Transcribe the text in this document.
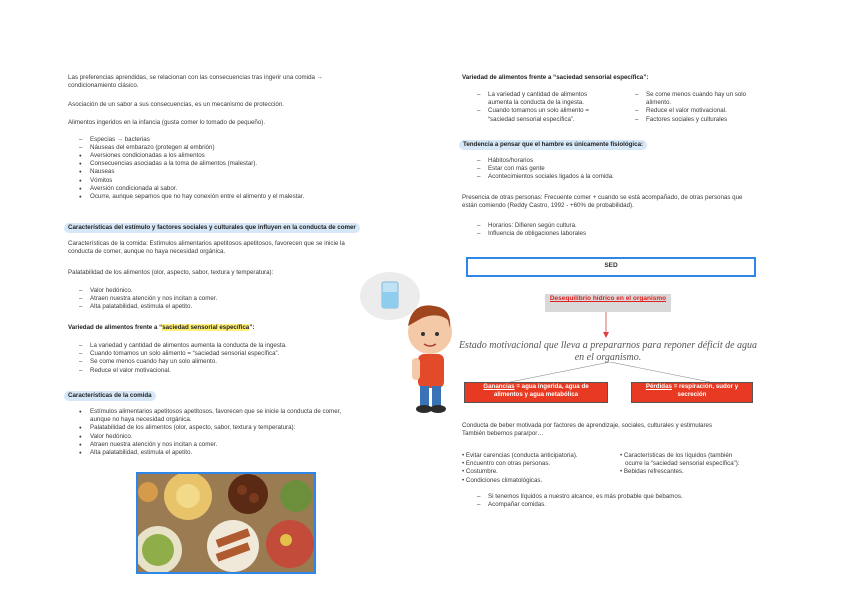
Las preferencias aprendidas, se relacionan con las consecuencias tras ingerir una comida →
condicionamiento clásico.
Asociación de un sabor a sus consecuencias, es un mecanismo de protección.
Alimentos ingeridos en la infancia (gusta comer lo tomado de pequeño).
– Especias → bacterias
– Náuseas del embarazo (protegen al embrión)
● Aversiones condicionadas a los alimentos
● Consecuencias asociadas a la toma de alimentos (malestar).
● Nauseas
● Vómitos
● Aversión condicionada al sabor.
● Ocurre, aunque sepamos que no hay conexión entre el alimento y el malestar.
Características del estímulo y factores sociales y culturales que influyen en la conducta de comer
Características de la comida: Estímulos alimentarios apetitosos apetitosos, favorecen que se inicie la
conducta de comer, aunque no haya necesidad orgánica.
Palatabilidad de los alimentos (olor, aspecto, sabor, textura y temperatura):
– Valor hedónico.
– Atraen nuestra atención y nos incitan a comer.
– Alta palatabilidad, estimula el apetito.
Variedad de alimentos frente a “saciedad sensorial específica”:
– La variedad y cantidad de alimentos aumenta la conducta de la ingesta.
– Cuando tomamos un solo alimento = “saciedad sensorial específica”.
– Se come menos cuando hay un solo alimento.
– Reduce el valor motivacional.
Características de la comida
● Estímulos alimentarios apetitosos apetitosos, favorecen que se inicie la conducta de comer,
aunque no haya necesidad orgánica.
● Palatabilidad de los alimentos (olor, aspecto, sabor, textura y temperatura):
● Valor hedónico.
● Atraen nuestra atención y nos incitan a comer.
● Alta palatabilidad, estimula el apetito.
Variedad de alimentos frente a “saciedad sensorial específica”:
– La variedad y cantidad de alimentos
aumenta la conducta de la ingesta.
– Cuando tomamos un solo alimento =
“saciedad sensorial específica”.
– Se come menos cuando hay un solo
alimento.
– Reduce el valor motivacional.
– Factores sociales y culturales
Tendencia a pensar que el hambre es únicamente fisiológica:
– Hábitos/horarios
– Estar con más gente
– Acontecimientos sociales ligados a la comida.
Presencia de otras personas: Frecuente comer + cuando se está acompañado, de otras personas que
están comiendo (Reddy Castro, 1992 - +60% de probabilidad).
– Horarios: Difieren según cultura.
– Influencia de obligaciones laborales
SED
Desequilibrio hídrico en el organismo
Estado motivacional que lleva a prepararnos para reponer déficit de agua
en el organismo.
Ganancias = agua ingerida, agua de
alimentos y agua metabólica
Pérdidas = respiración, sudor y
secreción
Conducta de beber motivada por factores de aprendizaje, sociales, culturales y estimulares
También bebemos para/por…
• Evitar carencias (conducta anticipatoria).
• Encuentro con otras personas.
• Costumbre.
• Condiciones climatológicas.
• Características de los líquidos (también
ocurre la “saciedad sensorial específica”):
• Bebidas refrescantes.
– Si tenemos líquidos a nuestro alcance, es más probable que bebamos.
– Acompañar comidas.
